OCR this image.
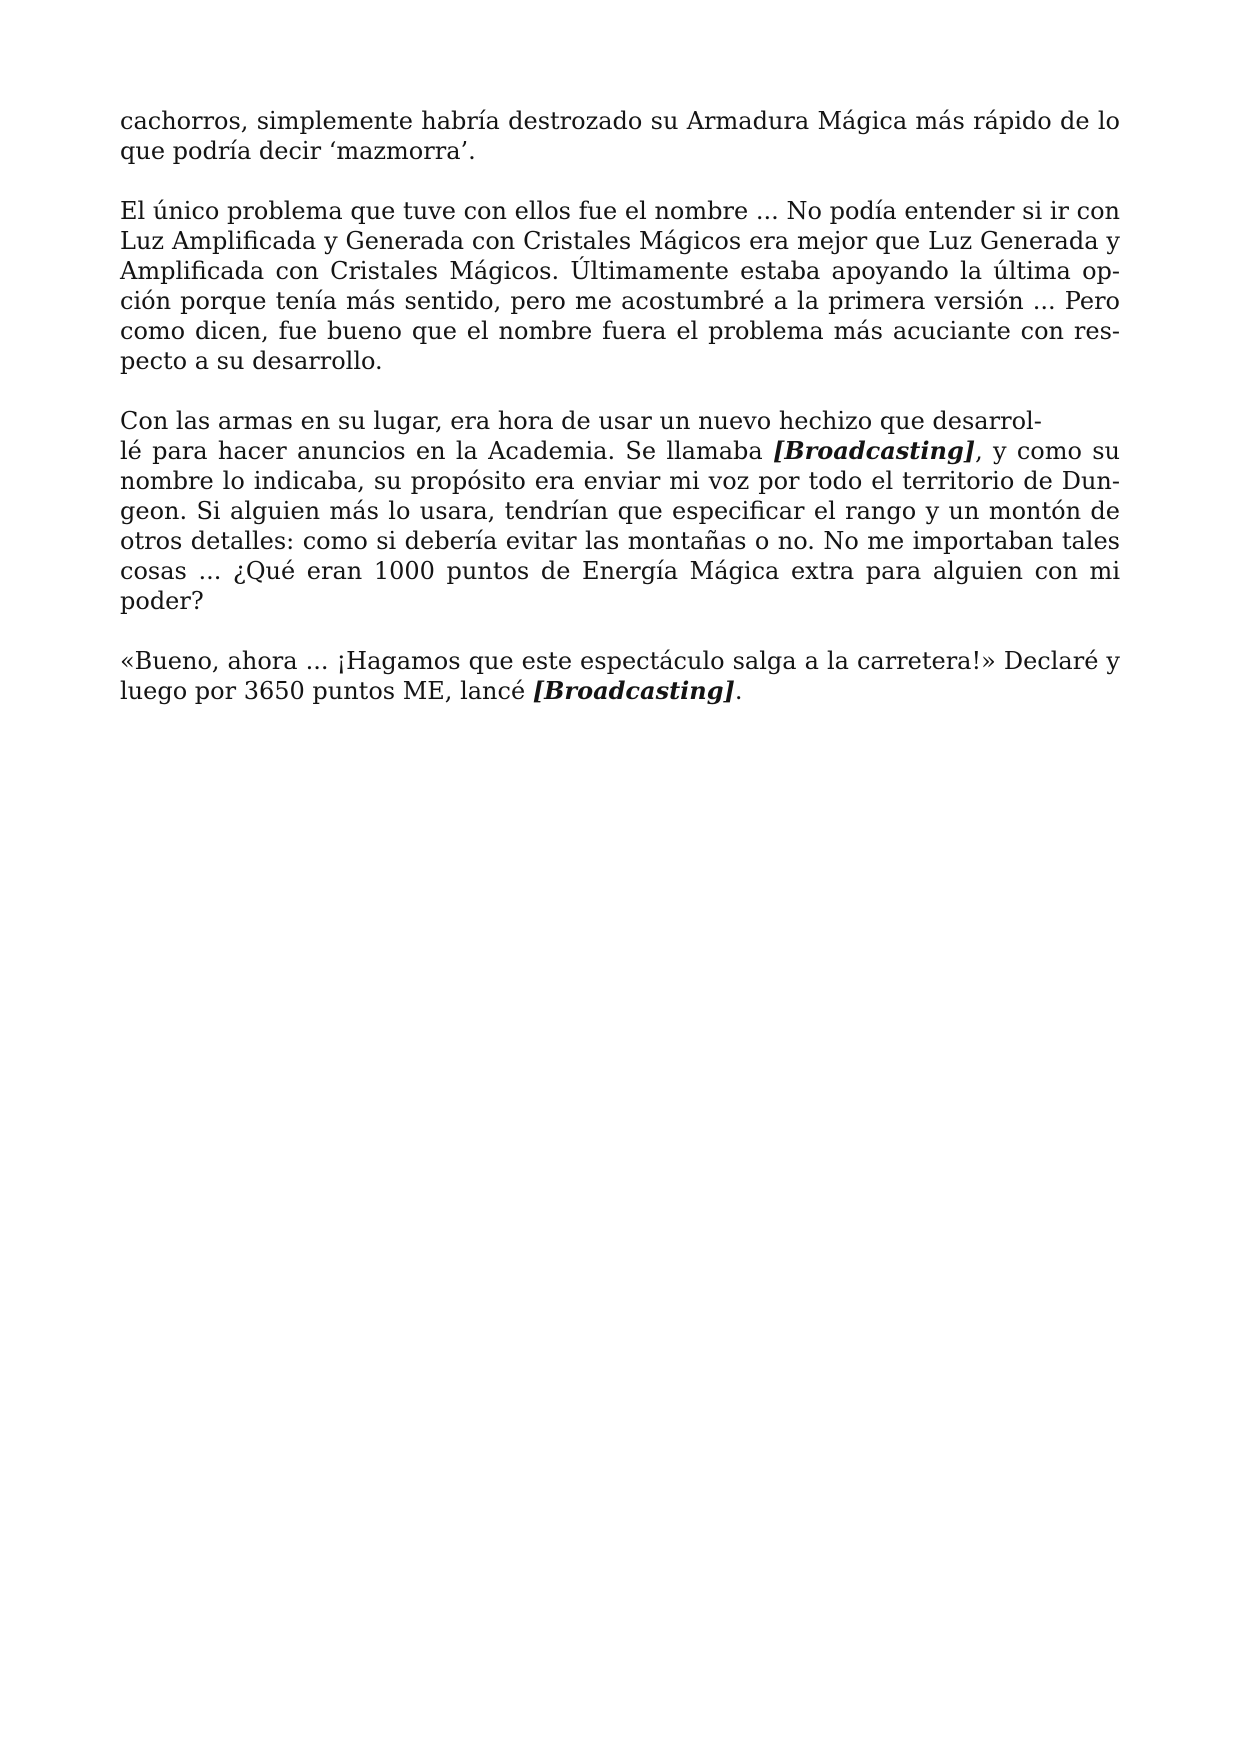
cachorros, simplemente habría destrozado su Armadura Mágica más rápido de lo
que podría decir ‘mazmorra’.

El único problema que tuve con ellos fue el nombre ... No podía entender si ir con
Luz Amplificada y Generada con Cristales Mágicos era mejor que Luz Generada y
Amplificada con Cristales Mágicos. Últimamente estaba apoyando la última op-
ción porque tenía más sentido, pero me acostumbré a la primera versión ... Pero
como dicen, fue bueno que el nombre fuera el problema más acuciante con res-
pecto a su desarrollo.

Con las armas en su lugar, era hora de usar un nuevo hechizo que desarrol-
lé para hacer anuncios en la Academia. Se llamaba [Broadcasting], y como su
nombre lo indicaba, su propósito era enviar mi voz por todo el territorio de Dun-
geon. Si alguien más lo usara, tendrían que especificar el rango y un montón de
otros detalles: como si debería evitar las montañas o no. No me importaban tales
cosas ... ¿Qué eran 1000 puntos de Energía Mágica extra para alguien con mi
poder?

«Bueno, ahora ... ¡Hagamos que este espectáculo salga a la carretera!» Declaré y
luego por 3650 puntos ME, lancé [Broadcasting].
